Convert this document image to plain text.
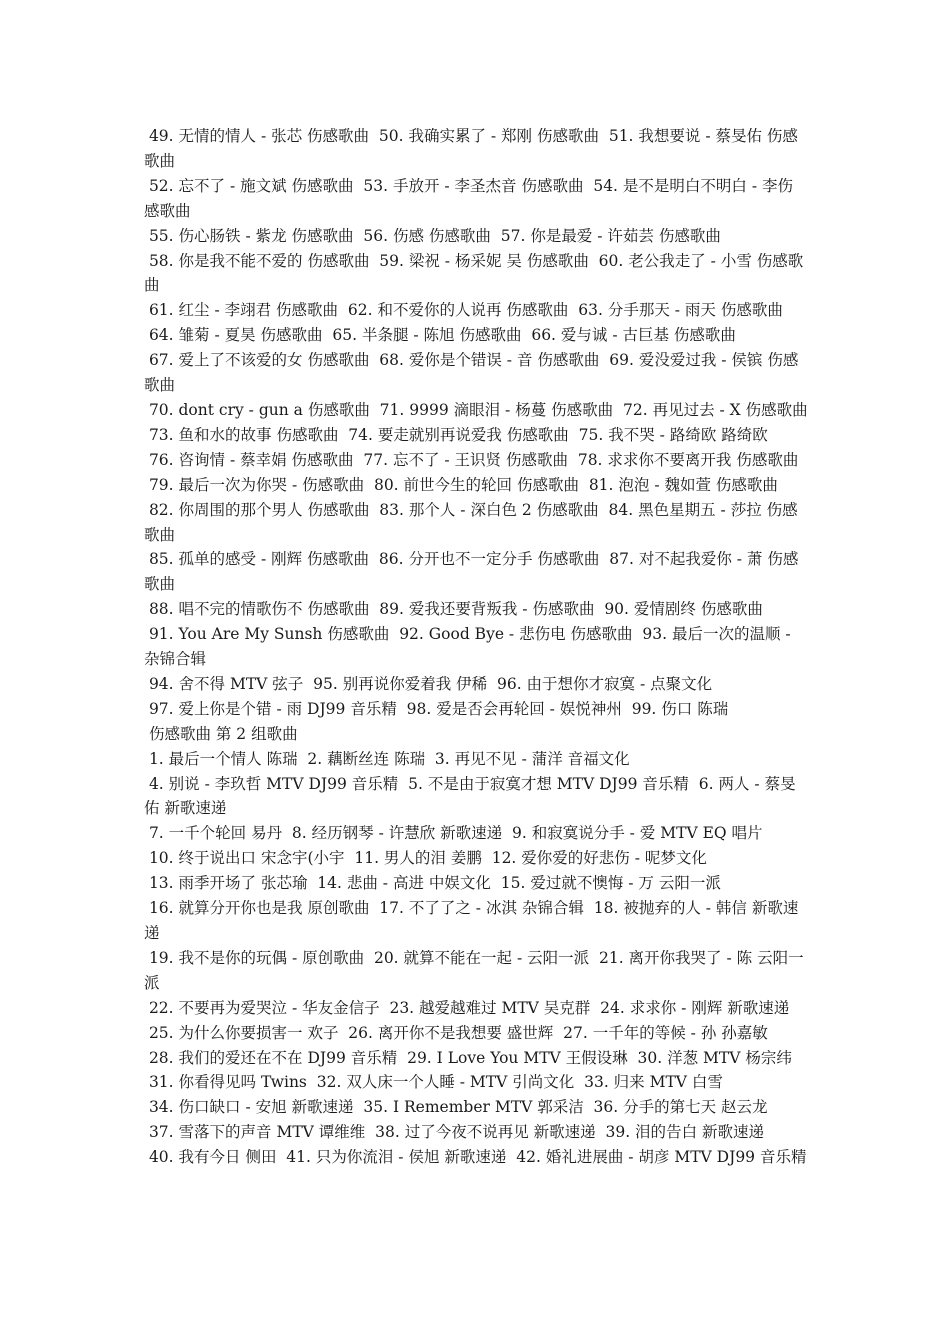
49. 无情的情人 - 张芯 伤感歌曲  50. 我确实累了 - 郑刚 伤感歌曲  51. 我想要说 - 蔡旻佑 伤感歌曲

52. 忘不了 - 施文斌 伤感歌曲  53. 手放开 - 李圣杰音 伤感歌曲  54. 是不是明白不明白 - 李伤感歌曲

55. 伤心肠铁 - 紫龙 伤感歌曲  56. 伤感 伤感歌曲  57. 你是最爱 - 许茹芸 伤感歌曲

58. 你是我不能不爱的 伤感歌曲  59. 梁祝 - 杨采妮 吴 伤感歌曲  60. 老公我走了 - 小雪 伤感歌曲

61. 红尘 - 李翊君 伤感歌曲  62. 和不爱你的人说再 伤感歌曲  63. 分手那天 - 雨天 伤感歌曲

64. 雏菊 - 夏昊 伤感歌曲  65. 半条腿 - 陈旭 伤感歌曲  66. 爱与诚 - 古巨基 伤感歌曲

67. 爱上了不该爱的女 伤感歌曲  68. 爱你是个错误 - 音 伤感歌曲  69. 爱没爱过我 - 侯镔 伤感歌曲

70. dont cry - gun a 伤感歌曲  71. 9999 滴眼泪 - 杨蔓 伤感歌曲  72. 再见过去 - X 伤感歌曲

73. 鱼和水的故事 伤感歌曲  74. 要走就别再说爱我 伤感歌曲  75. 我不哭 - 路绮欧 路绮欧

76. 咨询情 - 蔡幸娟 伤感歌曲  77. 忘不了 - 王识贤 伤感歌曲  78. 求求你不要离开我 伤感歌曲

79. 最后一次为你哭 - 伤感歌曲  80. 前世今生的轮回 伤感歌曲  81. 泡泡 - 魏如萱 伤感歌曲

82. 你周围的那个男人 伤感歌曲  83. 那个人 - 深白色 2 伤感歌曲  84. 黑色星期五 - 莎拉 伤感歌曲

85. 孤单的感受 - 刚辉 伤感歌曲  86. 分开也不一定分手 伤感歌曲  87. 对不起我爱你 - 萧 伤感歌曲

88. 唱不完的情歌伤不 伤感歌曲  89. 爱我还要背叛我 - 伤感歌曲  90. 爱情剧终 伤感歌曲

91. You Are My Sunsh 伤感歌曲  92. Good Bye - 悲伤电 伤感歌曲  93. 最后一次的温顺 - 杂锦合辑

94. 舍不得 MTV 弦子  95. 别再说你爱着我 伊稀  96. 由于想你才寂寞 - 点聚文化

97. 爱上你是个错 - 雨 DJ99 音乐精  98. 爱是否会再轮回 - 娱悦神州  99. 伤口 陈瑞

伤感歌曲 第 2 组歌曲

1. 最后一个情人 陈瑞  2. 藕断丝连 陈瑞  3. 再见不见 - 蒲洋 音福文化

4. 别说 - 李玖哲 MTV DJ99 音乐精  5. 不是由于寂寞才想 MTV DJ99 音乐精  6. 两人 - 蔡旻佑 新歌速递

7. 一千个轮回 易丹  8. 经历钢琴 - 许慧欣 新歌速递  9. 和寂寞说分手 - 爱 MTV EQ 唱片

10. 终于说出口 宋念宇(小宇  11. 男人的泪 姜鹏  12. 爱你爱的好悲伤 - 呢梦文化

13. 雨季开场了 张芯瑜  14. 悲曲 - 高进 中娱文化  15. 爱过就不懊悔 - 万 云阳一派

16. 就算分开你也是我 原创歌曲  17. 不了了之 - 冰淇 杂锦合辑  18. 被抛弃的人 - 韩信 新歌速递

19. 我不是你的玩偶 - 原创歌曲  20. 就算不能在一起 - 云阳一派  21. 离开你我哭了 - 陈 云阳一派

22. 不要再为爱哭泣 - 华友金信子  23. 越爱越难过 MTV 吴克群  24. 求求你 - 刚辉 新歌速递

25. 为什么你要损害一 欢子  26. 离开你不是我想要 盛世辉  27. 一千年的等候 - 孙 孙嘉敏

28. 我们的爱还在不在 DJ99 音乐精  29. I Love You MTV 王假设琳  30. 洋葱 MTV 杨宗纬

31. 你看得见吗 Twins  32. 双人床一个人睡 - MTV 引尚文化  33. 归来 MTV 白雪

34. 伤口缺口 - 安旭 新歌速递  35. I Remember MTV 郭采洁  36. 分手的第七天 赵云龙

37. 雪落下的声音 MTV 谭维维  38. 过了今夜不说再见 新歌速递  39. 泪的告白 新歌速递

40. 我有今日 侧田  41. 只为你流泪 - 侯旭 新歌速递  42. 婚礼进展曲 - 胡彦 MTV DJ99 音乐精
